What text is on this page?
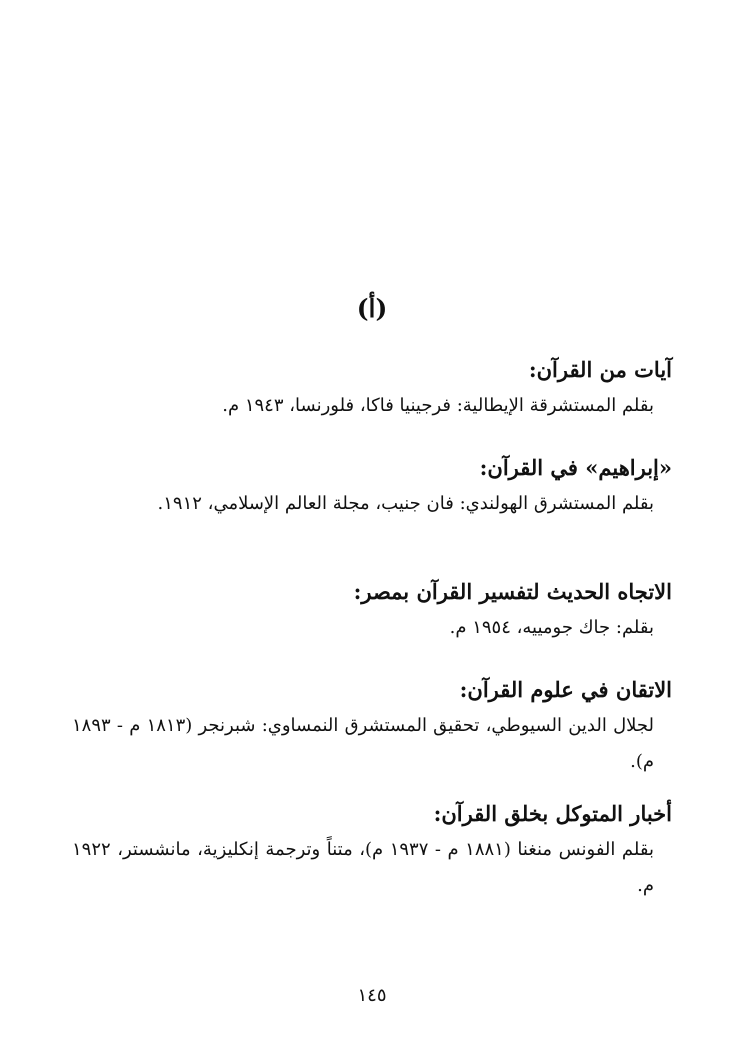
(أ)
آيات من القرآن:
بقلم المستشرقة الإيطالية: فرجينيا فاكا، فلورنسا، ١٩٤٣ م.
«إبراهيم» في القرآن:
بقلم المستشرق الهولندي: فان جنيب، مجلة العالم الإسلامي، ١٩١٢.
الاتجاه الحديث لتفسير القرآن بمصر:
بقلم: جاك جومييه، ١٩٥٤ م.
الاتقان في علوم القرآن:
لجلال الدين السيوطي، تحقيق المستشرق النمساوي: شبرنجر (١٨١٣ م - ١٨٩٣ م).
أخبار المتوكل بخلق القرآن:
بقلم الفونس منغنا (١٨٨١ م - ١٩٣٧ م)، متناً وترجمة إنكليزية، مانشستر، ١٩٢٢ م.
١٤٥
